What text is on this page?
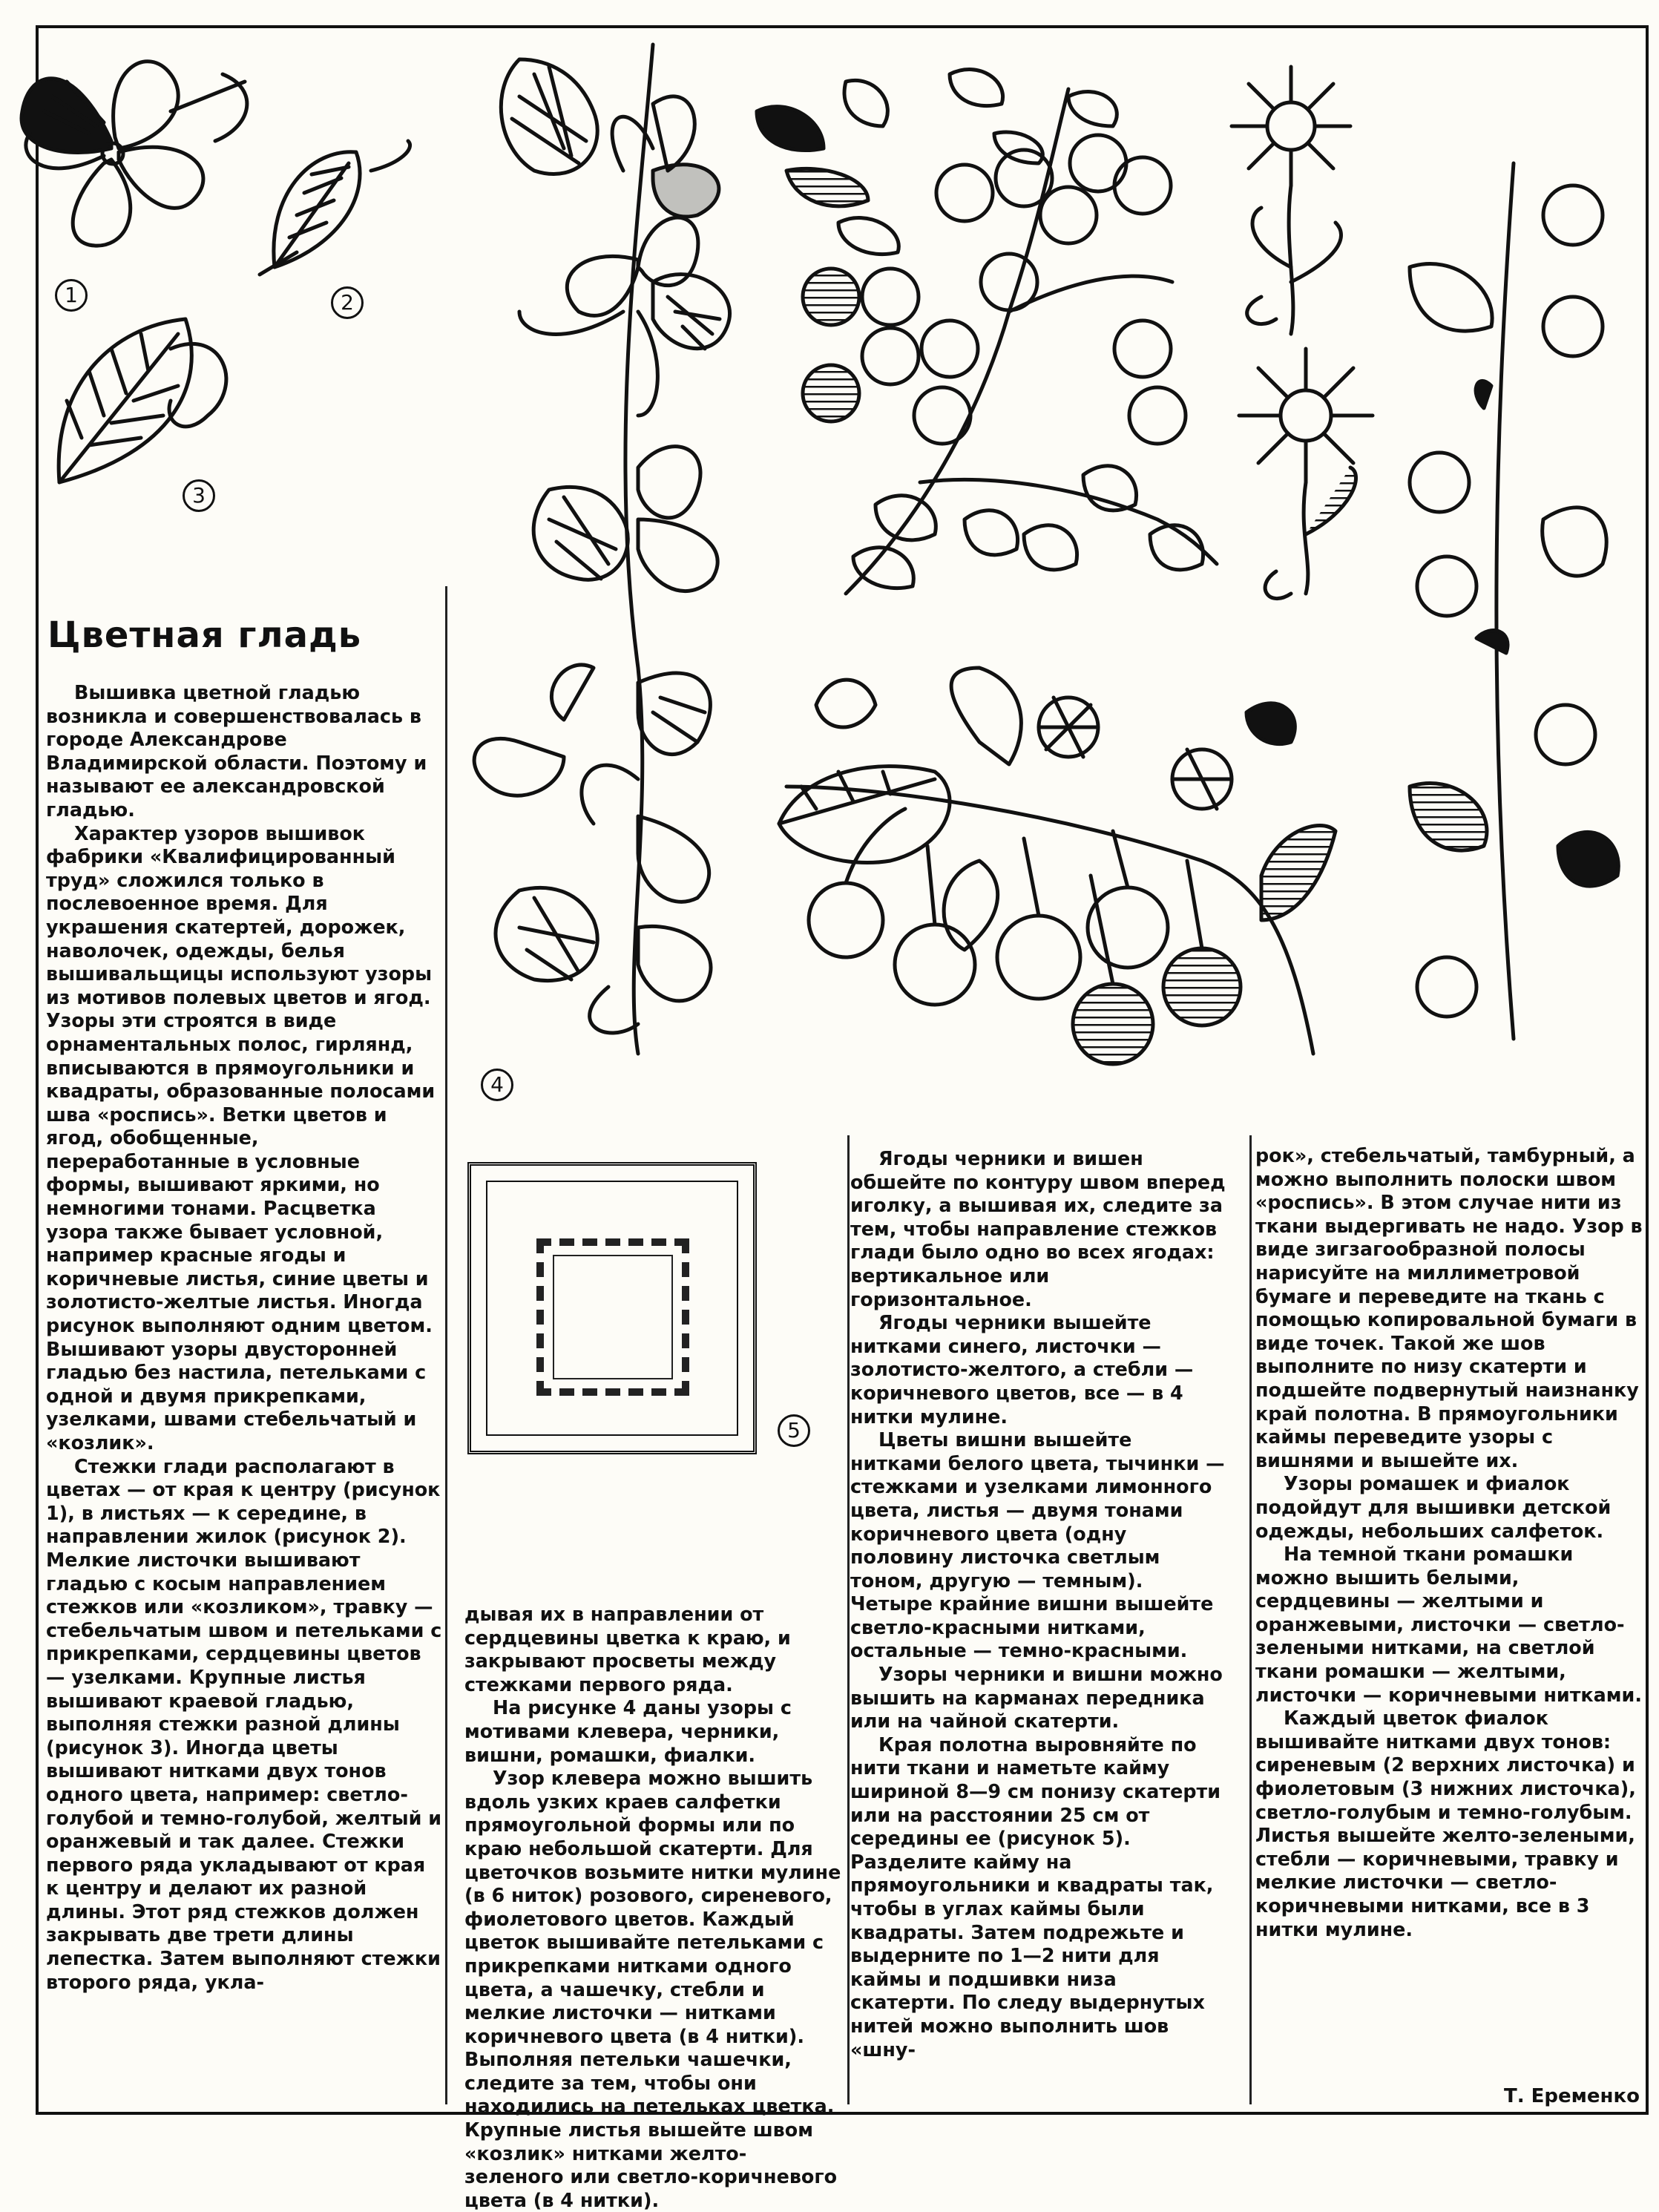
1	2
3
4
5
Цветная гладь

Вышивка цветной гладью возникла и совершенствовалась в городе Александрове Владимирской области. Поэтому и называют ее александровской гладью.

Характер узоров вышивок фабрики «Квалифицированный труд» сложился только в послевоенное время. Для украшения скатертей, дорожек, наволочек, одежды, белья вышивальщицы используют узоры из мотивов полевых цветов и ягод. Узоры эти строятся в виде орнаментальных полос, гирлянд, вписываются в прямоугольники и квадраты, образованные полосами шва «роспись». Ветки цветов и ягод, обобщенные, переработанные в условные формы, вышивают яркими, но немногими тонами. Расцветка узора также бывает условной, например красные ягоды и коричневые листья, синие цветы и золотисто-желтые листья. Иногда рисунок выполняют одним цветом. Вышивают узоры двусторонней гладью без настила, петельками с одной и двумя прикрепками, узелками, швами стебельчатый и «козлик».

Стежки глади располагают в цветах — от края к центру (рисунок 1), в листьях — к середине, в направлении жилок (рисунок 2). Мелкие листочки вышивают гладью с косым направлением стежков или «козликом», травку — стебельчатым швом и петельками с прикрепками, сердцевины цветов — узелками. Крупные листья вышивают краевой гладью, выполняя стежки разной длины (рисунок 3). Иногда цветы вышивают нитками двух тонов одного цвета, например: светло-голубой и темно-голубой, желтый и оранжевый и так далее. Стежки первого ряда укладывают от края к центру и делают их разной длины. Этот ряд стежков должен закрывать две трети длины лепестка. Затем выполняют стежки второго ряда, укла-

дывая их в направлении от сердцевины цветка к краю, и закрывают просветы между стежками первого ряда.

На рисунке 4 даны узоры с мотивами клевера, черники, вишни, ромашки, фиалки.

Узор клевера можно вышить вдоль узких краев салфетки прямоугольной формы или по краю небольшой скатерти. Для цветочков возьмите нитки мулине (в 6 ниток) розового, сиреневого, фиолетового цветов. Каждый цветок вышивайте петельками с прикрепками нитками одного цвета, а чашечку, стебли и мелкие листочки — нитками коричневого цвета (в 4 нитки). Выполняя петельки чашечки, следите за тем, чтобы они находились на петельках цветка. Крупные листья вышейте швом «козлик» нитками желто-зеленого или светло-коричневого цвета (в 4 нитки).

Ягоды черники и вишен обшейте по контуру швом вперед иголку, а вышивая их, следите за тем, чтобы направление стежков глади было одно во всех ягодах: вертикальное или горизонтальное.

Ягоды черники вышейте нитками синего, листочки — золотисто-желтого, а стебли — коричневого цветов, все — в 4 нитки мулине.

Цветы вишни вышейте нитками белого цвета, тычинки — стежками и узелками лимонного цвета, листья — двумя тонами коричневого цвета (одну половину листочка светлым тоном, другую — темным). Четыре крайние вишни вышейте светло-красными нитками, остальные — темно-красными.

Узоры черники и вишни можно вышить на карманах передника или на чайной скатерти.

Края полотна выровняйте по нити ткани и наметьте кайму шириной 8—9 см понизу скатерти или на расстоянии 25 см от середины ее (рисунок 5). Разделите кайму на прямоугольники и квадраты так, чтобы в углах каймы были квадраты. Затем подрежьте и выдерните по 1—2 нити для каймы и подшивки низа скатерти. По следу выдернутых нитей можно выполнить шов «шну-

рок», стебельчатый, тамбурный, а можно выполнить полоски швом «роспись». В этом случае нити из ткани выдергивать не надо. Узор в виде зигзагообразной полосы нарисуйте на миллиметровой бумаге и переведите на ткань с помощью копировальной бумаги в виде точек. Такой же шов выполните по низу скатерти и подшейте подвернутый наизнанку край полотна. В прямоугольники каймы переведите узоры с вишнями и вышейте их.

Узоры ромашек и фиалок подойдут для вышивки детской одежды, небольших салфеток.

На темной ткани ромашки можно вышить белыми, сердцевины — желтыми и оранжевыми, листочки — светло-зелеными нитками, на светлой ткани ромашки — желтыми, листочки — коричневыми нитками.

Каждый цветок фиалок вышивайте нитками двух тонов: сиреневым (2 верхних листочка) и фиолетовым (3 нижних листочка), светло-голубым и темно-голубым. Листья вышейте желто-зелеными, стебли — коричневыми, травку и мелкие листочки — светло-коричневыми нитками, все в 3 нитки мулине.

Т. Еременко
